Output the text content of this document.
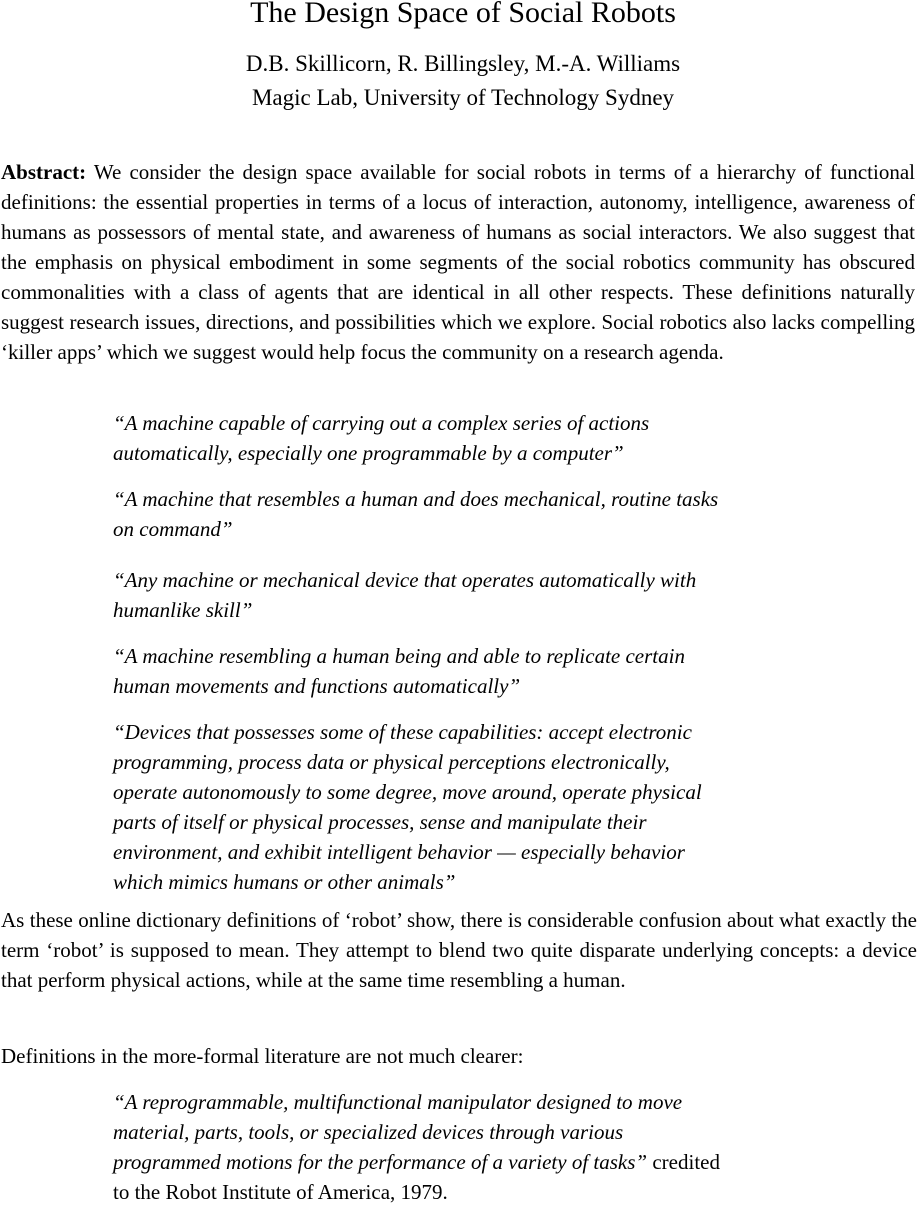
The Design Space of Social Robots

D.B. Skillicorn, R. Billingsley, M.-A. Williams

Magic Lab, University of Technology Sydney

Abstract: We consider the design space available for social robots in terms of a hierarchy of functional definitions: the essential properties in terms of a locus of interaction, autonomy, intelligence, awareness of humans as possessors of mental state, and awareness of humans as social interactors. We also suggest that the emphasis on physical embodiment in some segments of the social robotics community has obscured commonalities with a class of agents that are identical in all other respects. These definitions naturally suggest research issues, directions, and possibilities which we explore. Social robotics also lacks compelling ‘killer apps’ which we suggest would help focus the community on a research agenda.

“A machine capable of carrying out a complex series of actions
automatically, especially one programmable by a computer”

“A machine that resembles a human and does mechanical, routine tasks
on command”

“Any machine or mechanical device that operates automatically with
humanlike skill”

“A machine resembling a human being and able to replicate certain
human movements and functions automatically”

“Devices that possesses some of these capabilities: accept electronic
programming, process data or physical perceptions electronically,
operate autonomously to some degree, move around, operate physical
parts of itself or physical processes, sense and manipulate their
environment, and exhibit intelligent behavior — especially behavior
which mimics humans or other animals”

As these online dictionary definitions of ‘robot’ show, there is considerable confusion about what exactly the term ‘robot’ is supposed to mean. They attempt to blend two quite disparate underlying concepts: a device that perform physical actions, while at the same time resembling a human.

Definitions in the more-formal literature are not much clearer:

“A reprogrammable, multifunctional manipulator designed to move
material, parts, tools, or specialized devices through various
programmed motions for the performance of a variety of tasks” credited
to the Robot Institute of America, 1979.
